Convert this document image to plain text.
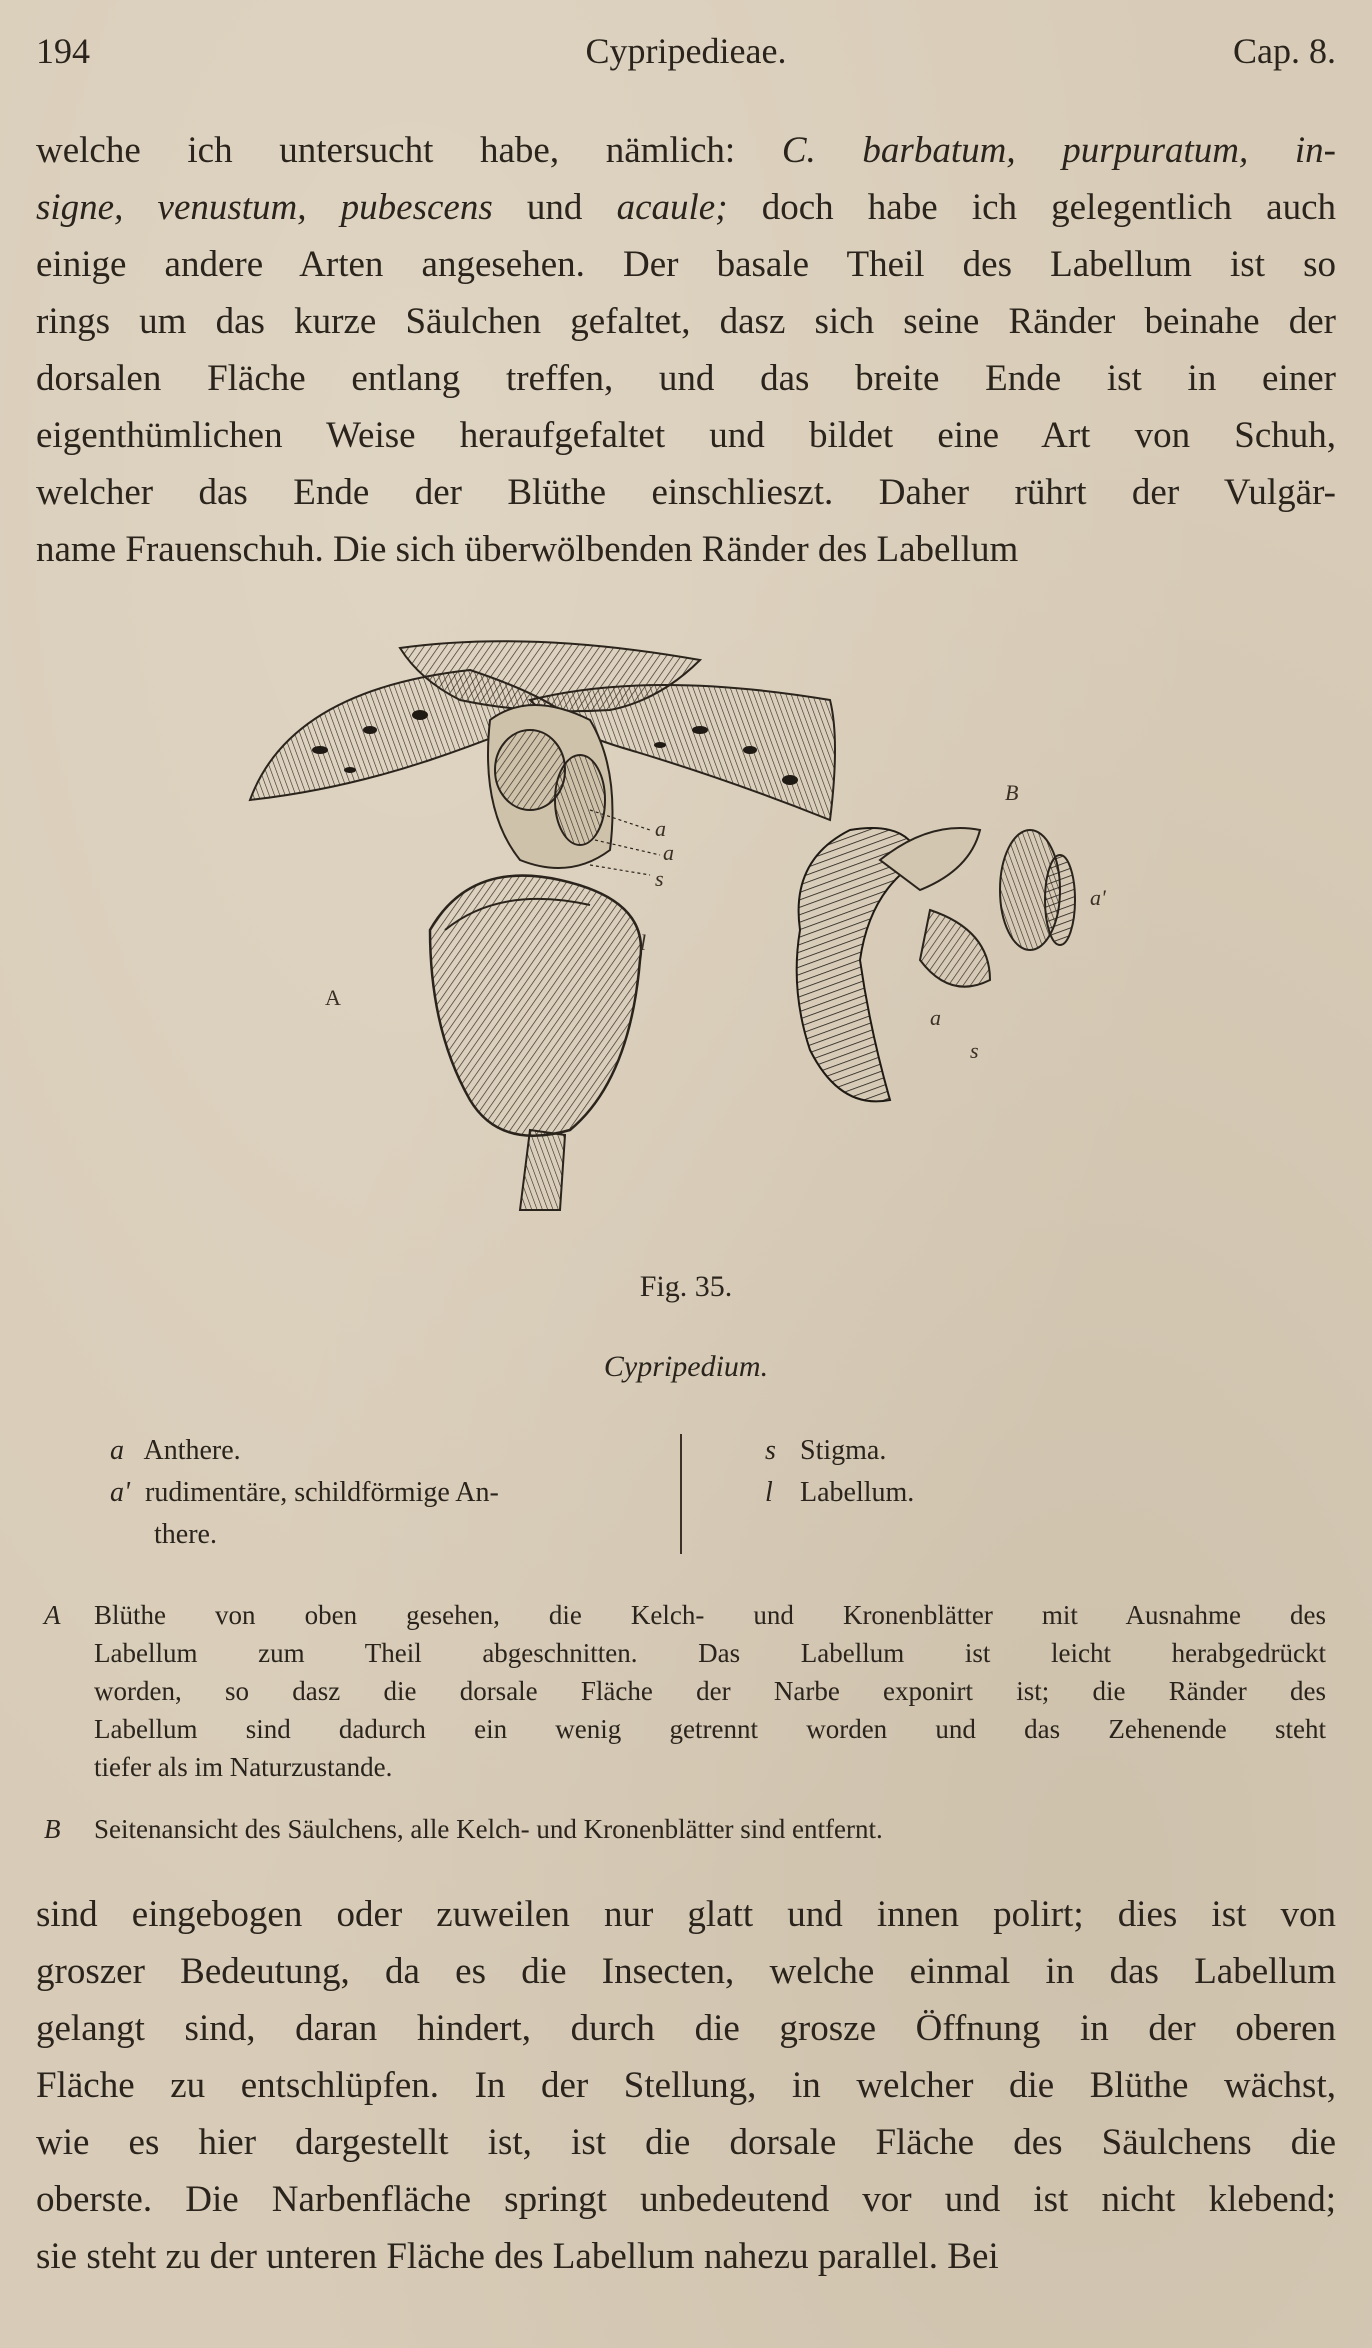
194	Cypripedieae.	Cap. 8.
welche ich untersucht habe, nämlich: C. barbatum, purpuratum, in-
signe, venustum, pubescens und acaule; doch habe ich gelegentlich auch
einige andere Arten angesehen. Der basale Theil des Labellum ist so
rings um das kurze Säulchen gefaltet, dasz sich seine Ränder beinahe der
dorsalen Fläche entlang treffen, und das breite Ende ist in einer
eigenthümlichen Weise heraufgefaltet und bildet eine Art von Schuh,
welcher das Ende der Blüthe einschlieszt. Daher rührt der Vulgär-
name Frauenschuh. Die sich überwölbenden Ränder des Labellum
A
B
a
a
s
l
a'
a
s
Fig. 35.
Cypripedium.
a Anthere.
a' rudimentäre, schildförmige An-
there.
s Stigma.
l Labellum.
A Blüthe von oben gesehen, die Kelch- und Kronenblätter mit Ausnahme des
Labellum zum Theil abgeschnitten. Das Labellum ist leicht herabgedrückt
worden, so dasz die dorsale Fläche der Narbe exponirt ist; die Ränder des
Labellum sind dadurch ein wenig getrennt worden und das Zehenende steht
tiefer als im Naturzustande.
B Seitenansicht des Säulchens, alle Kelch- und Kronenblätter sind entfernt.
sind eingebogen oder zuweilen nur glatt und innen polirt; dies ist von
groszer Bedeutung, da es die Insecten, welche einmal in das Labellum
gelangt sind, daran hindert, durch die grosze Öffnung in der oberen
Fläche zu entschlüpfen. In der Stellung, in welcher die Blüthe wächst,
wie es hier dargestellt ist, ist die dorsale Fläche des Säulchens die
oberste. Die Narbenfläche springt unbedeutend vor und ist nicht klebend;
sie steht zu der unteren Fläche des Labellum nahezu parallel. Bei
